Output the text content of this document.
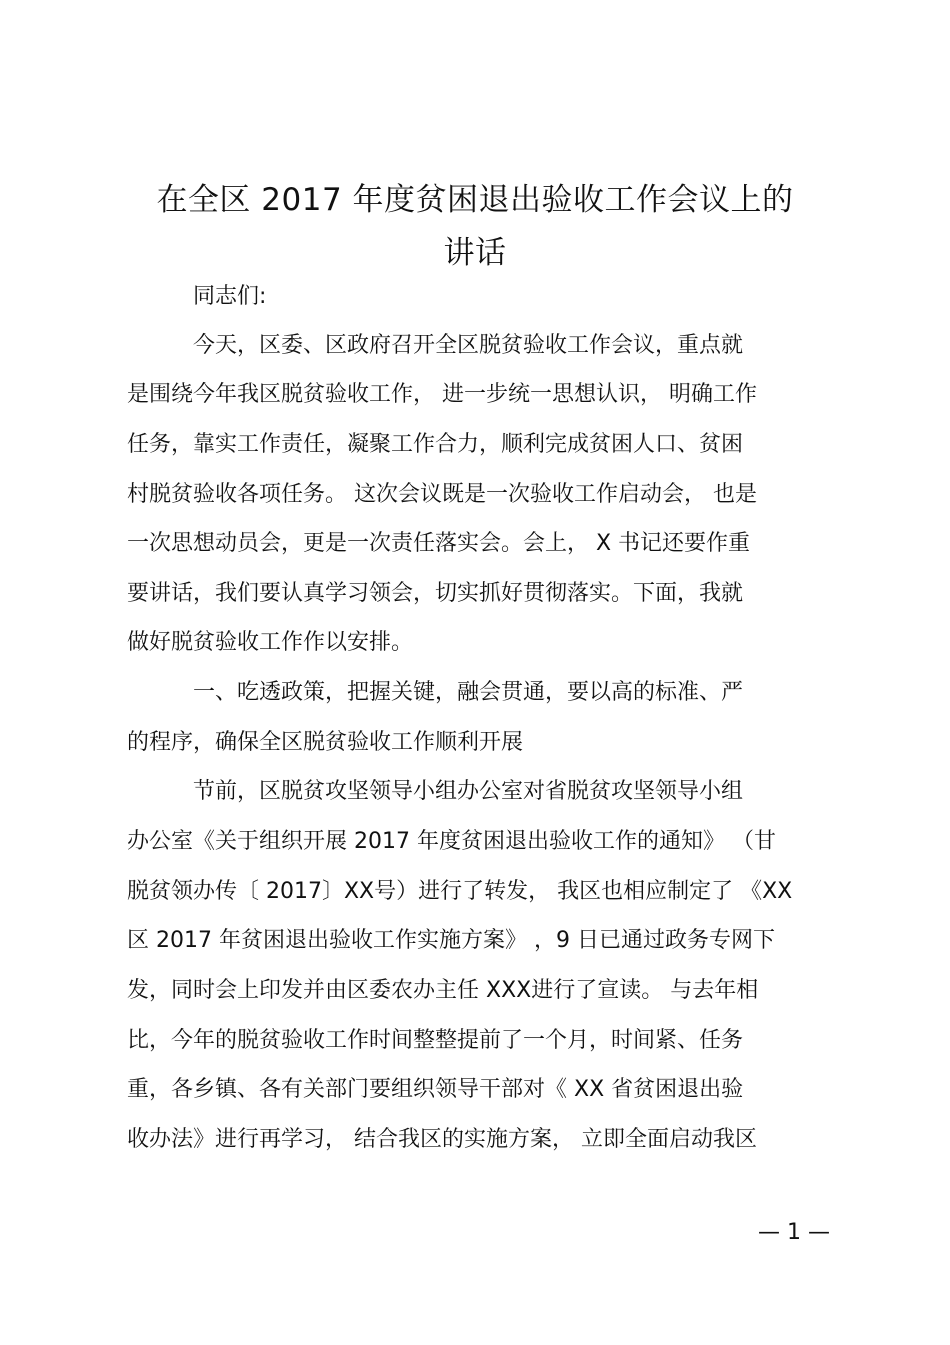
在全区 2017 年度贫困退出验收工作会议上的
讲话
同志们:
今天，区委、区政府召开全区脱贫验收工作会议，重点就
是围绕今年我区脱贫验收工作， 进一步统一思想认识， 明确工作
任务，靠实工作责任，凝聚工作合力，顺利完成贫困人口、贫困
村脱贫验收各项任务。 这次会议既是一次验收工作启动会， 也是
一次思想动员会，更是一次责任落实会。会上， X 书记还要作重
要讲话，我们要认真学习领会，切实抓好贯彻落实。下面，我就
做好脱贫验收工作作以安排。
一、吃透政策，把握关键，融会贯通，要以高的标准、严
的程序，确保全区脱贫验收工作顺利开展
节前，区脱贫攻坚领导小组办公室对省脱贫攻坚领导小组
办公室《关于组织开展 2017 年度贫困退出验收工作的通知》 （甘
脱贫领办传〔 2017〕XX号）进行了转发， 我区也相应制定了 《XX
区 2017 年贫困退出验收工作实施方案》 ，9 日已通过政务专网下
发，同时会上印发并由区委农办主任 XXX进行了宣读。 与去年相
比，今年的脱贫验收工作时间整整提前了一个月，时间紧、任务
重，各乡镇、各有关部门要组织领导干部对《 XX 省贫困退出验
收办法》进行再学习， 结合我区的实施方案， 立即全面启动我区
— 1 —
